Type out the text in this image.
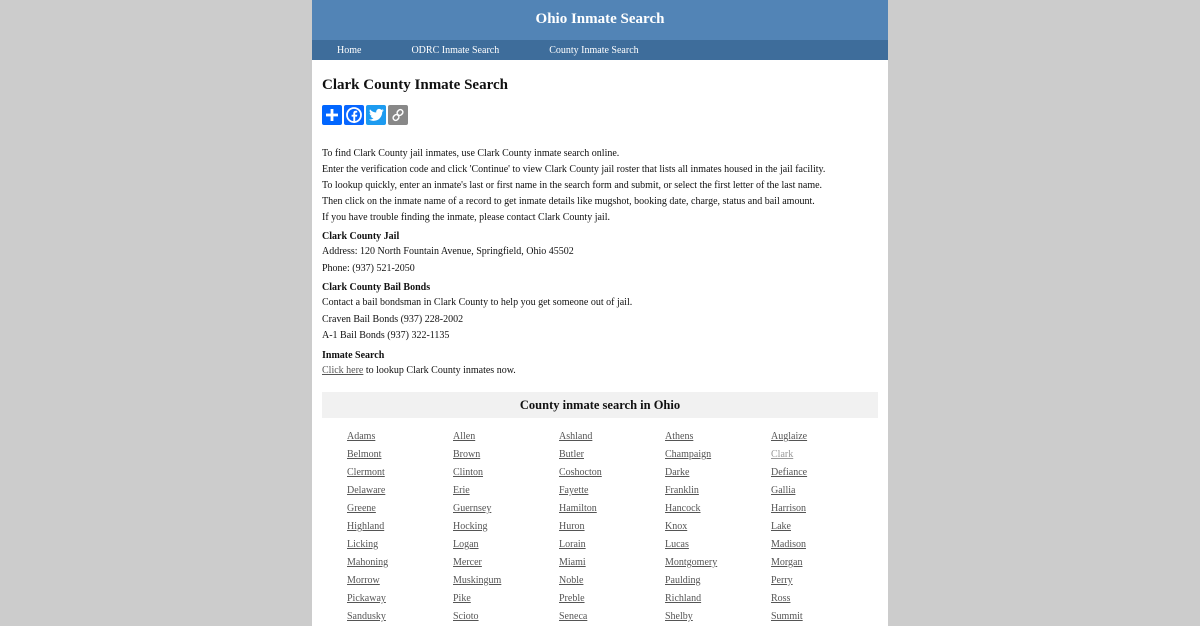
Ohio Inmate Search
Home	ODRC Inmate Search	County Inmate Search
Clark County Inmate Search
To find Clark County jail inmates, use Clark County inmate search online.
Enter the verification code and click 'Continue' to view Clark County jail roster that lists all inmates housed in the jail facility.
To lookup quickly, enter an inmate's last or first name in the search form and submit, or select the first letter of the last name.
Then click on the inmate name of a record to get inmate details like mugshot, booking date, charge, status and bail amount.
If you have trouble finding the inmate, please contact Clark County jail.
Clark County Jail
Address: 120 North Fountain Avenue, Springfield, Ohio 45502
Phone: (937) 521-2050
Clark County Bail Bonds
Contact a bail bondsman in Clark County to help you get someone out of jail.
Craven Bail Bonds (937) 228-2002
A-1 Bail Bonds (937) 322-1135
Inmate Search
Click here to lookup Clark County inmates now.
County inmate search in Ohio
Adams	Allen	Ashland	Athens	Auglaize
Belmont	Brown	Butler	Champaign	Clark
Clermont	Clinton	Coshocton	Darke	Defiance
Delaware	Erie	Fayette	Franklin	Gallia
Greene	Guernsey	Hamilton	Hancock	Harrison
Highland	Hocking	Huron	Knox	Lake
Licking	Logan	Lorain	Lucas	Madison
Mahoning	Mercer	Miami	Montgomery	Morgan
Morrow	Muskingum	Noble	Paulding	Perry
Pickaway	Pike	Preble	Richland	Ross
Sandusky	Scioto	Seneca	Shelby	Summit
